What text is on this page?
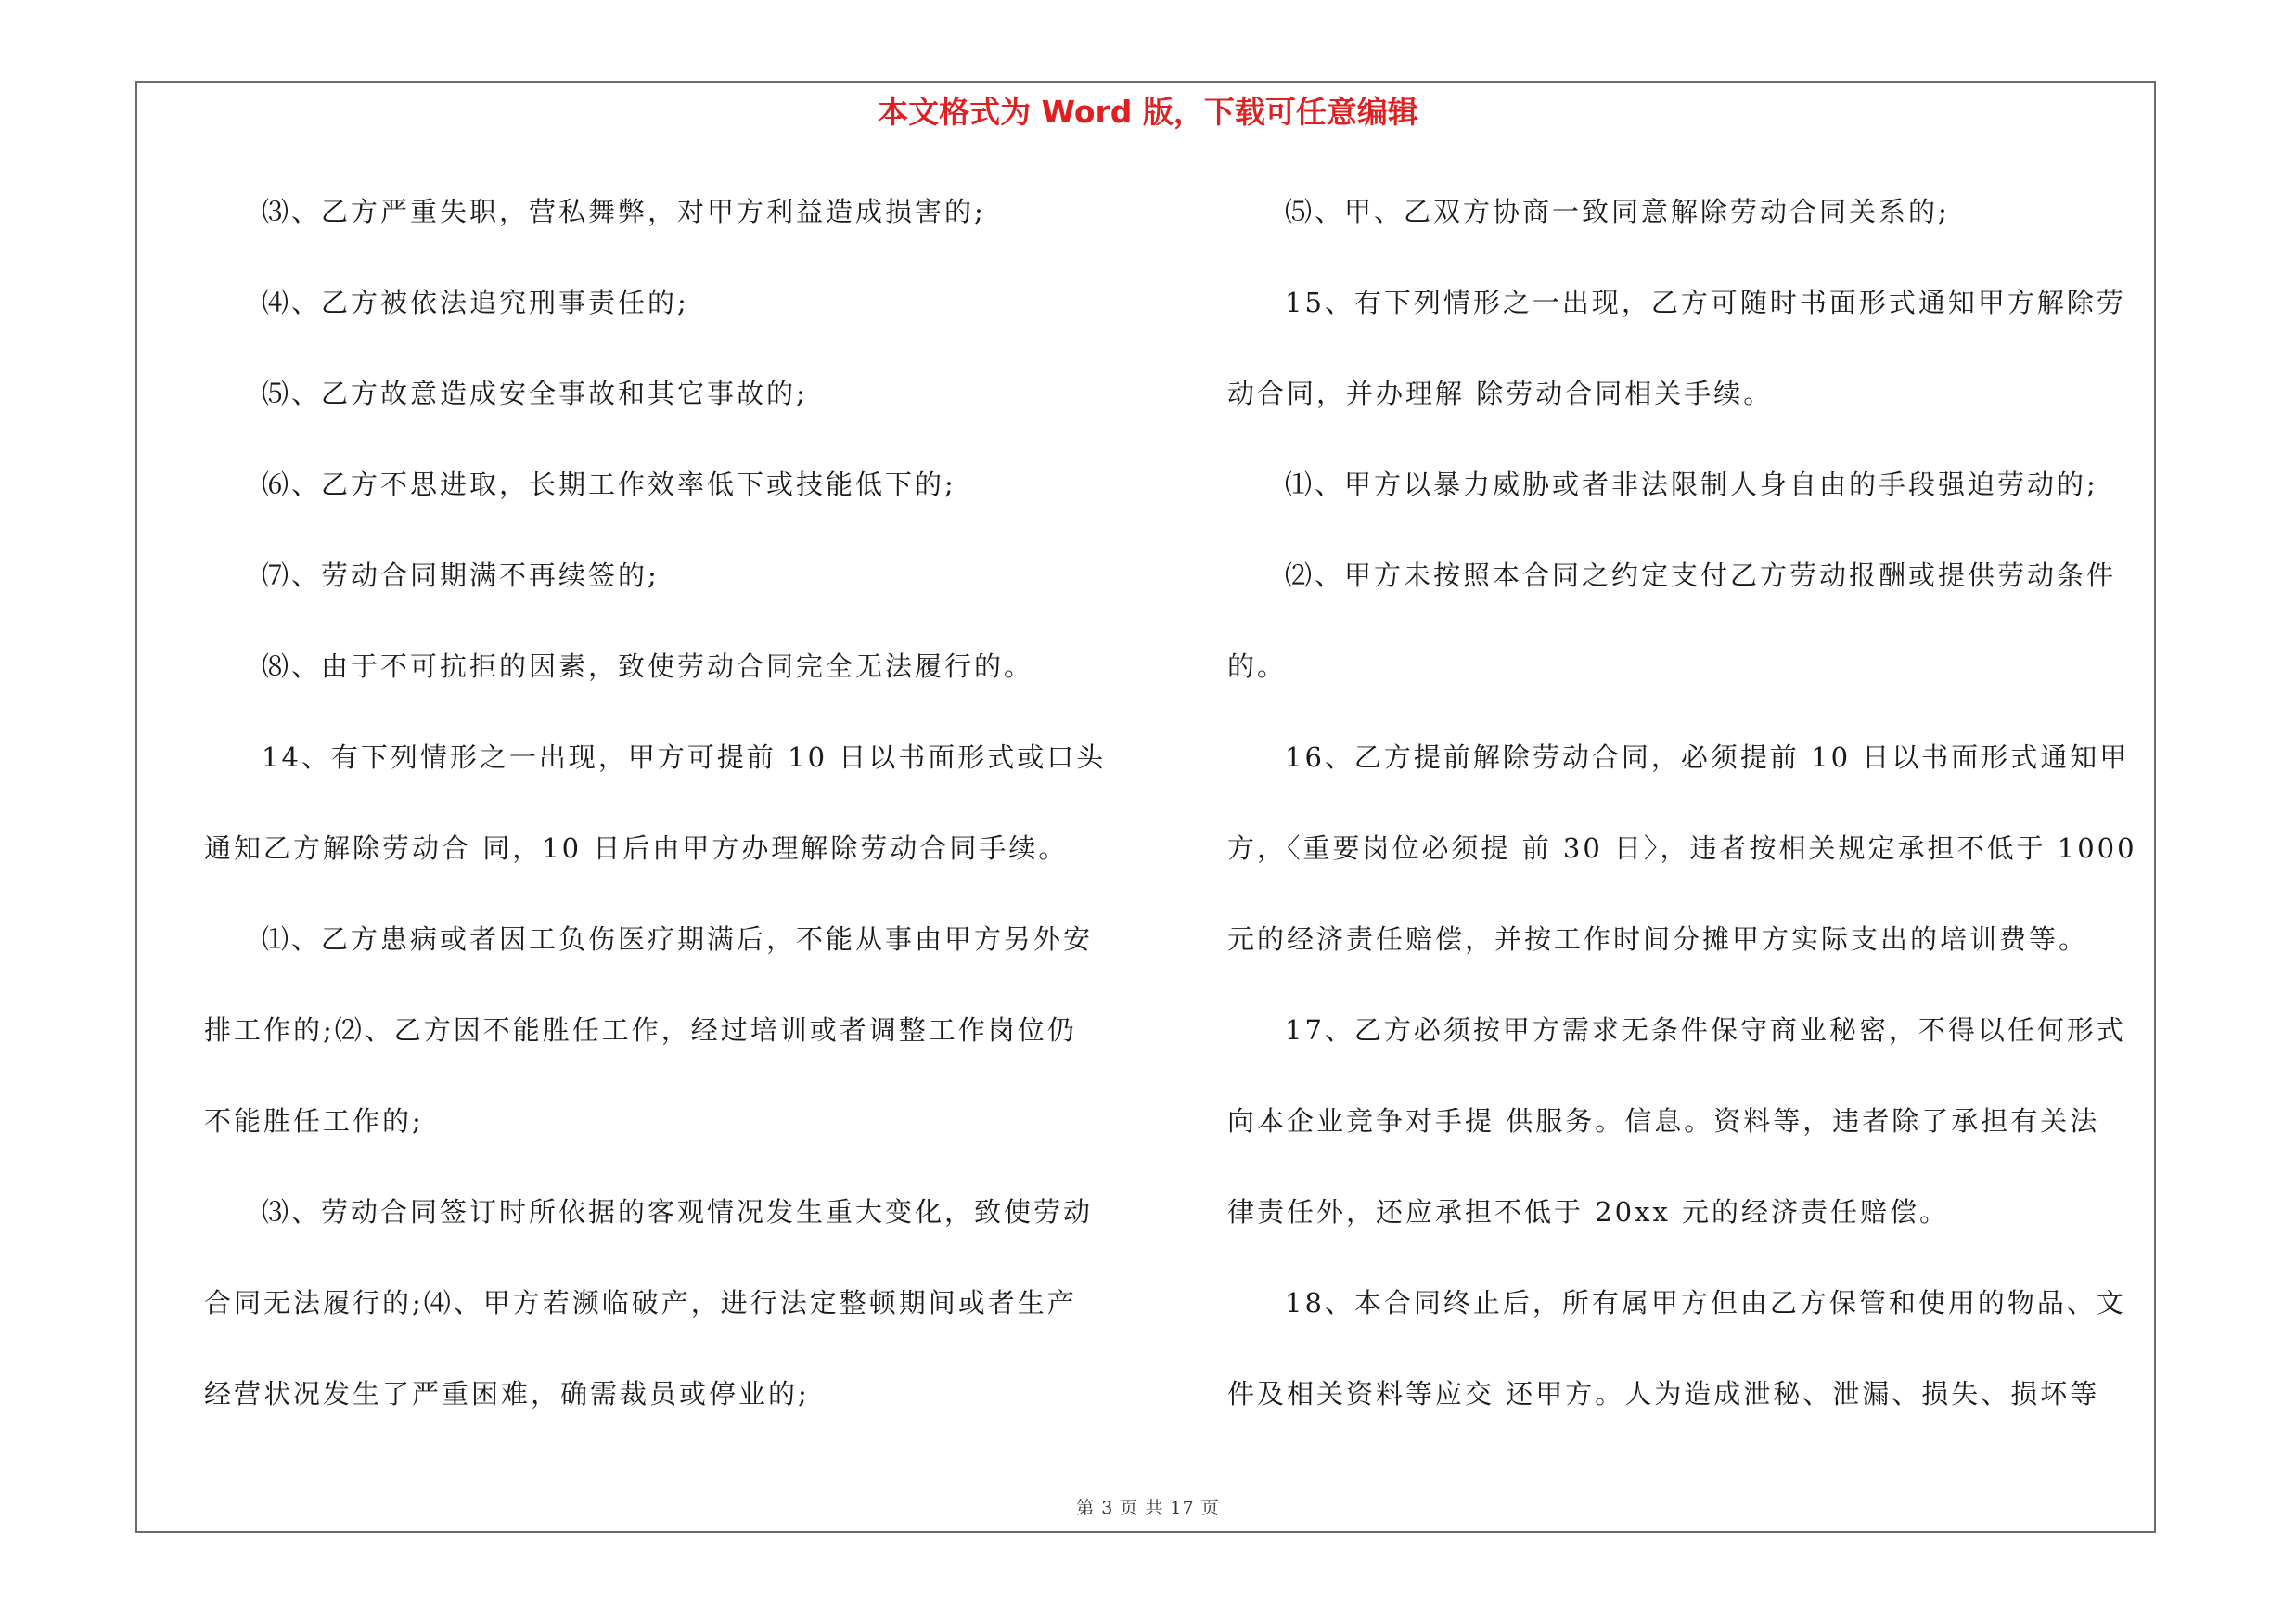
本文格式为 Word 版，下载可任意编辑
⑶、乙方严重失职，营私舞弊，对甲方利益造成损害的;
⑷、乙方被依法追究刑事责任的;
⑸、乙方故意造成安全事故和其它事故的;
⑹、乙方不思进取，长期工作效率低下或技能低下的;
⑺、劳动合同期满不再续签的;
⑻、由于不可抗拒的因素，致使劳动合同完全无法履行的。
14、有下列情形之一出现，甲方可提前 10 日以书面形式或口头
通知乙方解除劳动合 同，10 日后由甲方办理解除劳动合同手续。
⑴、乙方患病或者因工负伤医疗期满后，不能从事由甲方另外安
排工作的;⑵、乙方因不能胜任工作，经过培训或者调整工作岗位仍
不能胜任工作的;
⑶、劳动合同签订时所依据的客观情况发生重大变化，致使劳动
合同无法履行的;⑷、甲方若濒临破产，进行法定整顿期间或者生产
经营状况发生了严重困难，确需裁员或停业的;
⑸、甲、乙双方协商一致同意解除劳动合同关系的;
15、有下列情形之一出现，乙方可随时书面形式通知甲方解除劳
动合同，并办理解 除劳动合同相关手续。
⑴、甲方以暴力威胁或者非法限制人身自由的手段强迫劳动的;
⑵、甲方未按照本合同之约定支付乙方劳动报酬或提供劳动条件
的。
16、乙方提前解除劳动合同，必须提前 10 日以书面形式通知甲
方，〈重要岗位必须提 前 30 日〉，违者按相关规定承担不低于 1000
元的经济责任赔偿，并按工作时间分摊甲方实际支出的培训费等。
17、乙方必须按甲方需求无条件保守商业秘密，不得以任何形式
向本企业竞争对手提 供服务。信息。资料等，违者除了承担有关法
律责任外，还应承担不低于 20xx 元的经济责任赔偿。
18、本合同终止后，所有属甲方但由乙方保管和使用的物品、文
件及相关资料等应交 还甲方。人为造成泄秘、泄漏、损失、损坏等
第 3 页 共 17 页
